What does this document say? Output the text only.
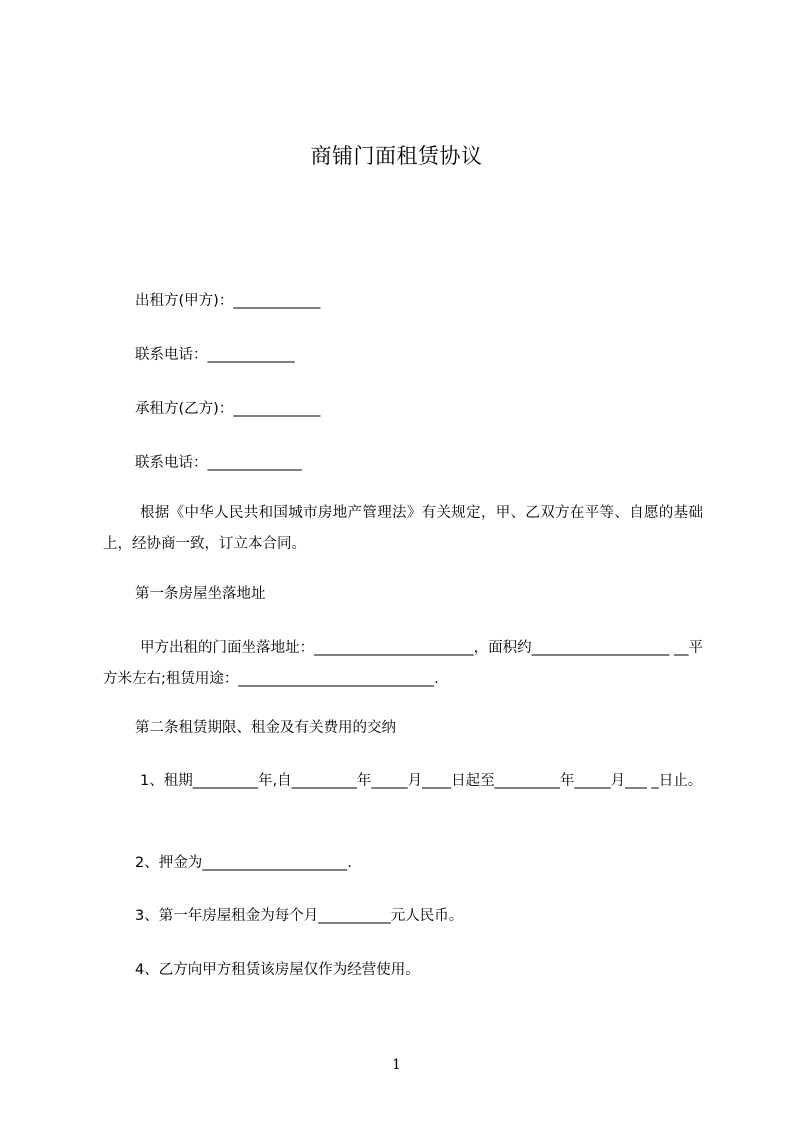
商铺门面租赁协议
出租方(甲方)：____________
联系电话：____________
承租方(乙方)：____________
联系电话：_____________
根据《中华人民共和国城市房地产管理法》有关规定，甲、乙双方在平等、自愿的基础上，经协商一致，订立本合同。
第一条房屋坐落地址
甲方出租的门面坐落地址：______________________，面积约___________________ __平方米左右;租赁用途：___________________________.
第二条租赁期限、租金及有关费用的交纳
1、租期_________年,自_________年_____月____日起至_________年_____月___ _日止。
2、押金为____________________.
3、第一年房屋租金为每个月__________元人民币。
4、乙方向甲方租赁该房屋仅作为经营使用。
1
